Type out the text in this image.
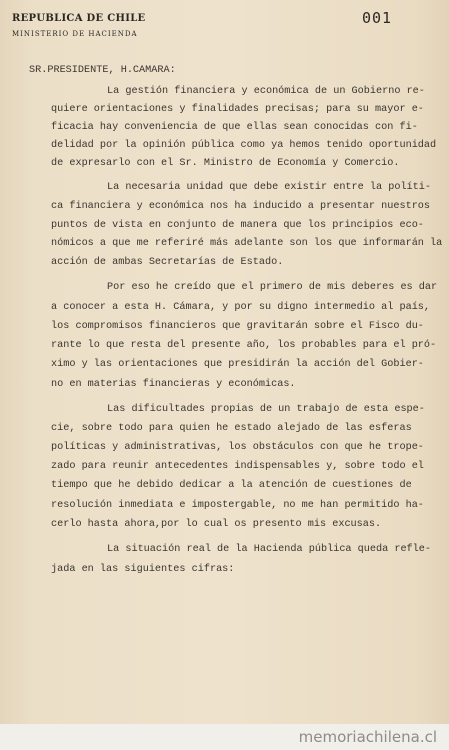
REPUBLICA DE CHILE
MINISTERIO DE HACIENDA
001
SR.PRESIDENTE, H.CAMARA:
La gestión financiera y económica de un Gobierno re-
quiere orientaciones y finalidades precisas; para su mayor e-
ficacia hay conveniencia de que ellas sean conocidas con fi-
delidad por la opinión pública como ya hemos tenido oportunidad
de expresarlo con el Sr. Ministro de Economía y Comercio.
La necesaria unidad que debe existir entre la políti-
ca financiera y económica nos ha inducido a presentar nuestros
puntos de vista en conjunto de manera que los principios eco-
nómicos a que me referiré más adelante son los que informarán la
acción de ambas Secretarías de Estado.
Por eso he creído que el primero de mis deberes es dar
a conocer a esta H. Cámara, y por su digno intermedio al país,
los compromisos financieros que gravitarán sobre el Fisco du-
rante lo que resta del presente año, los probables para el pró-
ximo y las orientaciones que presidirán la acción del Gobier-
no en materias financieras y económicas.
Las dificultades propias de un trabajo de esta espe-
cie, sobre todo para quien he estado alejado de las esferas
políticas y administrativas, los obstáculos con que he trope-
zado para reunir antecedentes indispensables y, sobre todo el
tiempo que he debido dedicar a la atención de cuestiones de
resolución inmediata e impostergable, no me han permitido ha-
cerlo hasta ahora,por lo cual os presento mis excusas.
La situación real de la Hacienda pública queda refle-
jada en las siguientes cifras:
memoriachilena.cl
